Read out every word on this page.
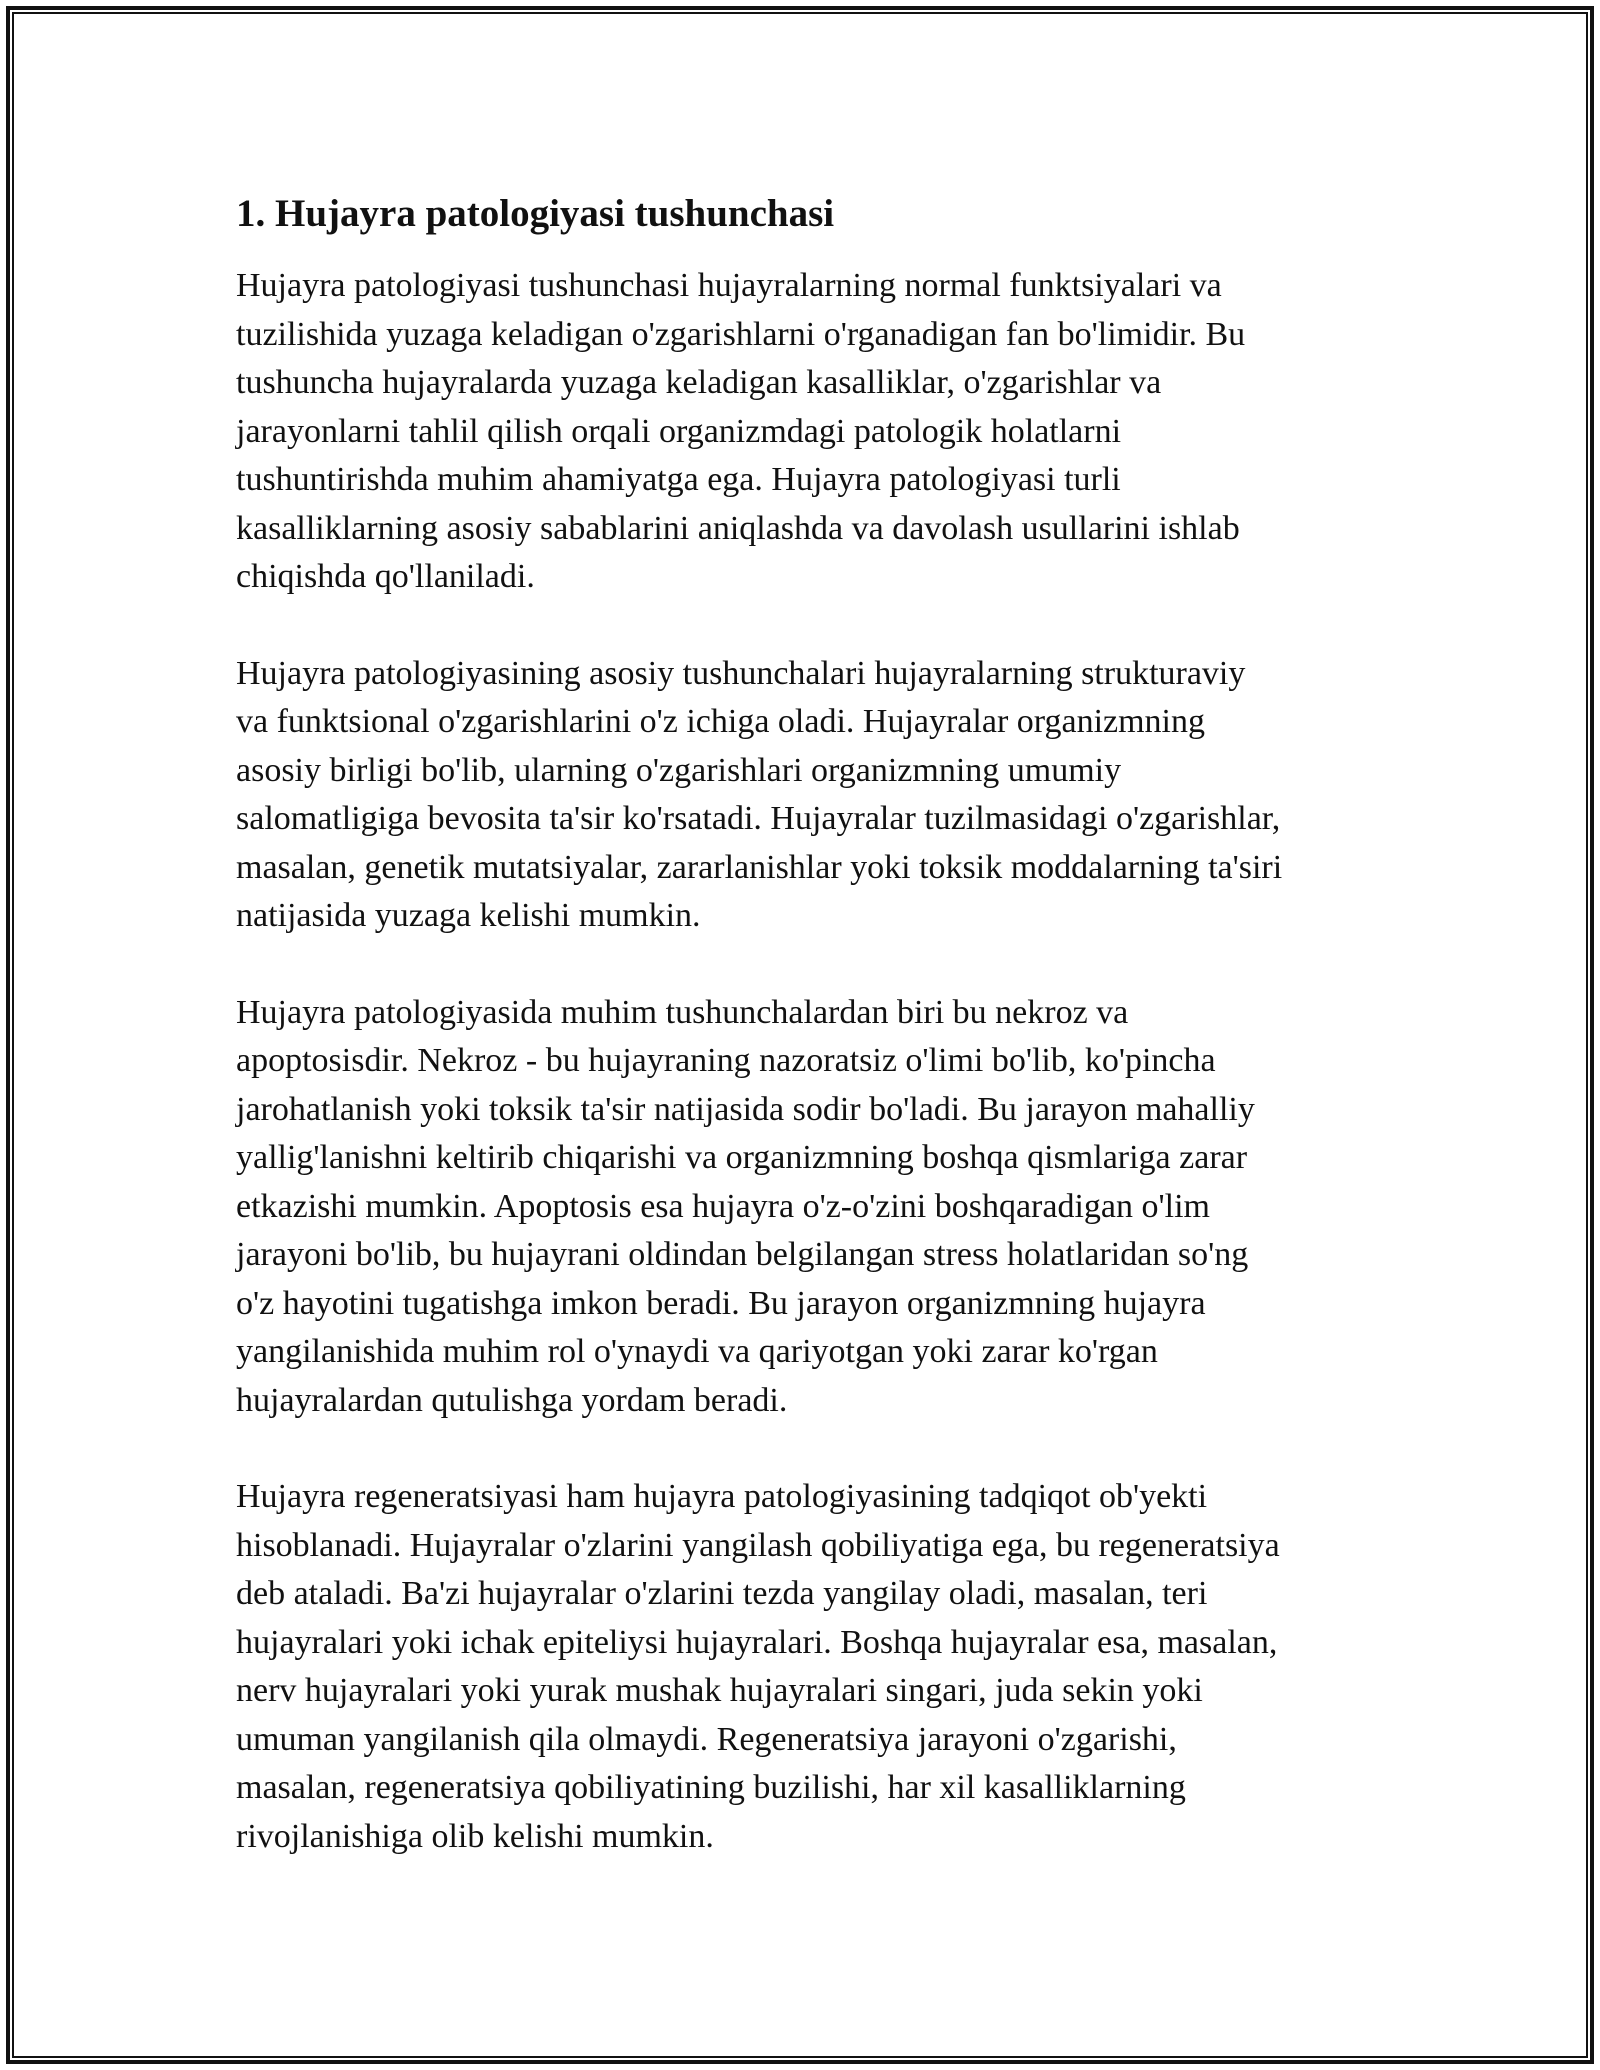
1. Hujayra patologiyasi tushunchasi

Hujayra patologiyasi tushunchasi hujayralarning normal funktsiyalari va
tuzilishida yuzaga keladigan o'zgarishlarni o'rganadigan fan bo'limidir. Bu
tushuncha hujayralarda yuzaga keladigan kasalliklar, o'zgarishlar va
jarayonlarni tahlil qilish orqali organizmdagi patologik holatlarni
tushuntirishda muhim ahamiyatga ega. Hujayra patologiyasi turli
kasalliklarning asosiy sabablarini aniqlashda va davolash usullarini ishlab
chiqishda qo'llaniladi.

Hujayra patologiyasining asosiy tushunchalari hujayralarning strukturaviy
va funktsional o'zgarishlarini o'z ichiga oladi. Hujayralar organizmning
asosiy birligi bo'lib, ularning o'zgarishlari organizmning umumiy
salomatligiga bevosita ta'sir ko'rsatadi. Hujayralar tuzilmasidagi o'zgarishlar,
masalan, genetik mutatsiyalar, zararlanishlar yoki toksik moddalarning ta'siri
natijasida yuzaga kelishi mumkin.

Hujayra patologiyasida muhim tushunchalardan biri bu nekroz va
apoptosisdir. Nekroz - bu hujayraning nazoratsiz o'limi bo'lib, ko'pincha
jarohatlanish yoki toksik ta'sir natijasida sodir bo'ladi. Bu jarayon mahalliy
yallig'lanishni keltirib chiqarishi va organizmning boshqa qismlariga zarar
etkazishi mumkin. Apoptosis esa hujayra o'z-o'zini boshqaradigan o'lim
jarayoni bo'lib, bu hujayrani oldindan belgilangan stress holatlaridan so'ng
o'z hayotini tugatishga imkon beradi. Bu jarayon organizmning hujayra
yangilanishida muhim rol o'ynaydi va qariyotgan yoki zarar ko'rgan
hujayralardan qutulishga yordam beradi.

Hujayra regeneratsiyasi ham hujayra patologiyasining tadqiqot ob'yekti
hisoblanadi. Hujayralar o'zlarini yangilash qobiliyatiga ega, bu regeneratsiya
deb ataladi. Ba'zi hujayralar o'zlarini tezda yangilay oladi, masalan, teri
hujayralari yoki ichak epiteliysi hujayralari. Boshqa hujayralar esa, masalan,
nerv hujayralari yoki yurak mushak hujayralari singari, juda sekin yoki
umuman yangilanish qila olmaydi. Regeneratsiya jarayoni o'zgarishi,
masalan, regeneratsiya qobiliyatining buzilishi, har xil kasalliklarning
rivojlanishiga olib kelishi mumkin.
